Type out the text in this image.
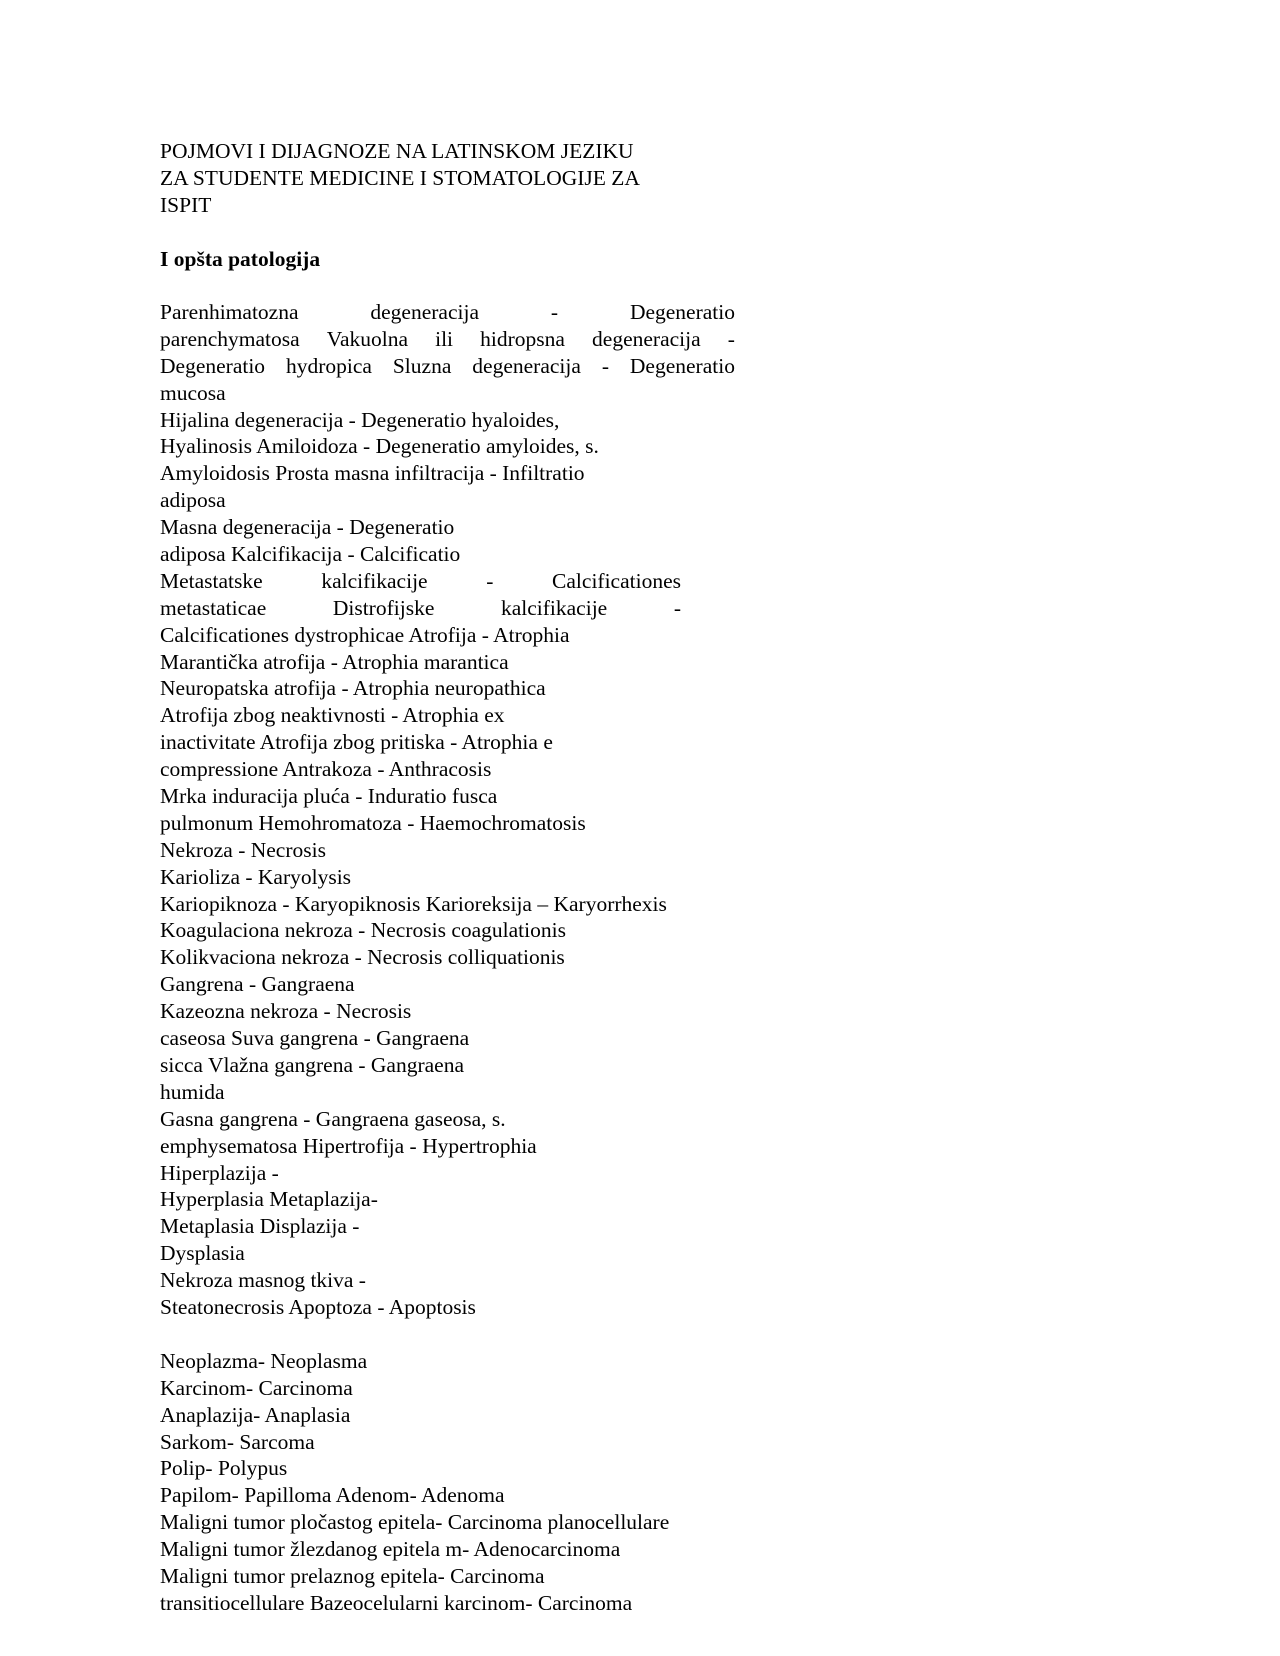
POJMOVI I DIJAGNOZE NA LATINSKOM JEZIKU
ZA STUDENTE MEDICINE I STOMATOLOGIJE ZA
ISPIT
I opšta patologija
Parenhimatozna	degeneracija	-	Degeneratio
parenchymatosa Vakuolna ili hidropsna degeneracija -
Degeneratio hydropica Sluzna degeneracija - Degeneratio
mucosa
Hijalina degeneracija - Degeneratio hyaloides,
Hyalinosis Amiloidoza - Degeneratio amyloides, s.
Amyloidosis Prosta masna infiltracija - Infiltratio
adiposa
Masna degeneracija - Degeneratio
adiposa Kalcifikacija - Calcificatio
Metastatske	kalcifikacije	-	Calcificationes
metastaticae	Distrofijske	kalcifikacije	-
Calcificationes dystrophicae Atrofija - Atrophia
Marantička atrofija - Atrophia marantica
Neuropatska atrofija - Atrophia neuropathica
Atrofija zbog neaktivnosti - Atrophia ex
inactivitate Atrofija zbog pritiska - Atrophia e
compressione Antrakoza - Anthracosis
Mrka induracija pluća - Induratio fusca
pulmonum Hemohromatoza - Haemochromatosis
Nekroza - Necrosis
Karioliza - Karyolysis
Kariopiknoza - Karyopiknosis Karioreksija – Karyorrhexis
Koagulaciona nekroza - Necrosis coagulationis
Kolikvaciona nekroza - Necrosis colliquationis
Gangrena - Gangraena
Kazeozna nekroza - Necrosis
caseosa Suva gangrena - Gangraena
sicca Vlažna gangrena - Gangraena
humida
Gasna gangrena - Gangraena gaseosa, s.
emphysematosa Hipertrofija - Hypertrophia
Hiperplazija -
Hyperplasia Metaplazija-
Metaplasia Displazija -
Dysplasia
Nekroza masnog tkiva -
Steatonecrosis Apoptoza - Apoptosis
Neoplazma- Neoplasma
Karcinom- Carcinoma
Anaplazija- Anaplasia
Sarkom- Sarcoma
Polip- Polypus
Papilom- Papilloma Adenom- Adenoma
Maligni tumor pločastog epitela- Carcinoma planocellulare
Maligni tumor žlezdanog epitela m- Adenocarcinoma
Maligni tumor prelaznog epitela- Carcinoma
transitiocellulare Bazeocelularni karcinom- Carcinoma
